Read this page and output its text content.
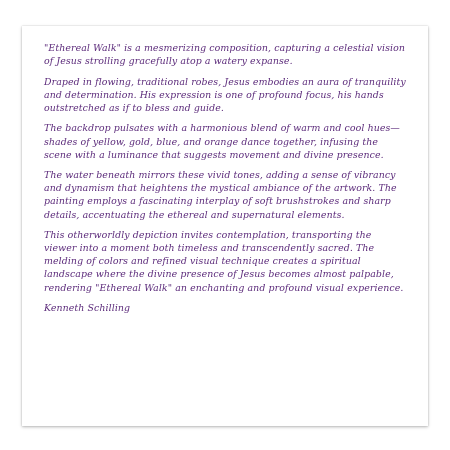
"Ethereal Walk" is a mesmerizing composition, capturing a celestial vision of Jesus strolling gracefully atop a watery expanse.

Draped in flowing, traditional robes, Jesus embodies an aura of tranquility and determination. His expression is one of profound focus, his hands outstretched as if to bless and guide.

The backdrop pulsates with a harmonious blend of warm and cool hues—shades of yellow, gold, blue, and orange dance together, infusing the scene with a luminance that suggests movement and divine presence.

The water beneath mirrors these vivid tones, adding a sense of vibrancy and dynamism that heightens the mystical ambiance of the artwork. The painting employs a fascinating interplay of soft brushstrokes and sharp details, accentuating the ethereal and supernatural elements.

This otherworldly depiction invites contemplation, transporting the viewer into a moment both timeless and transcendently sacred. The melding of colors and refined visual technique creates a spiritual landscape where the divine presence of Jesus becomes almost palpable, rendering "Ethereal Walk" an enchanting and profound visual experience.

Kenneth Schilling
